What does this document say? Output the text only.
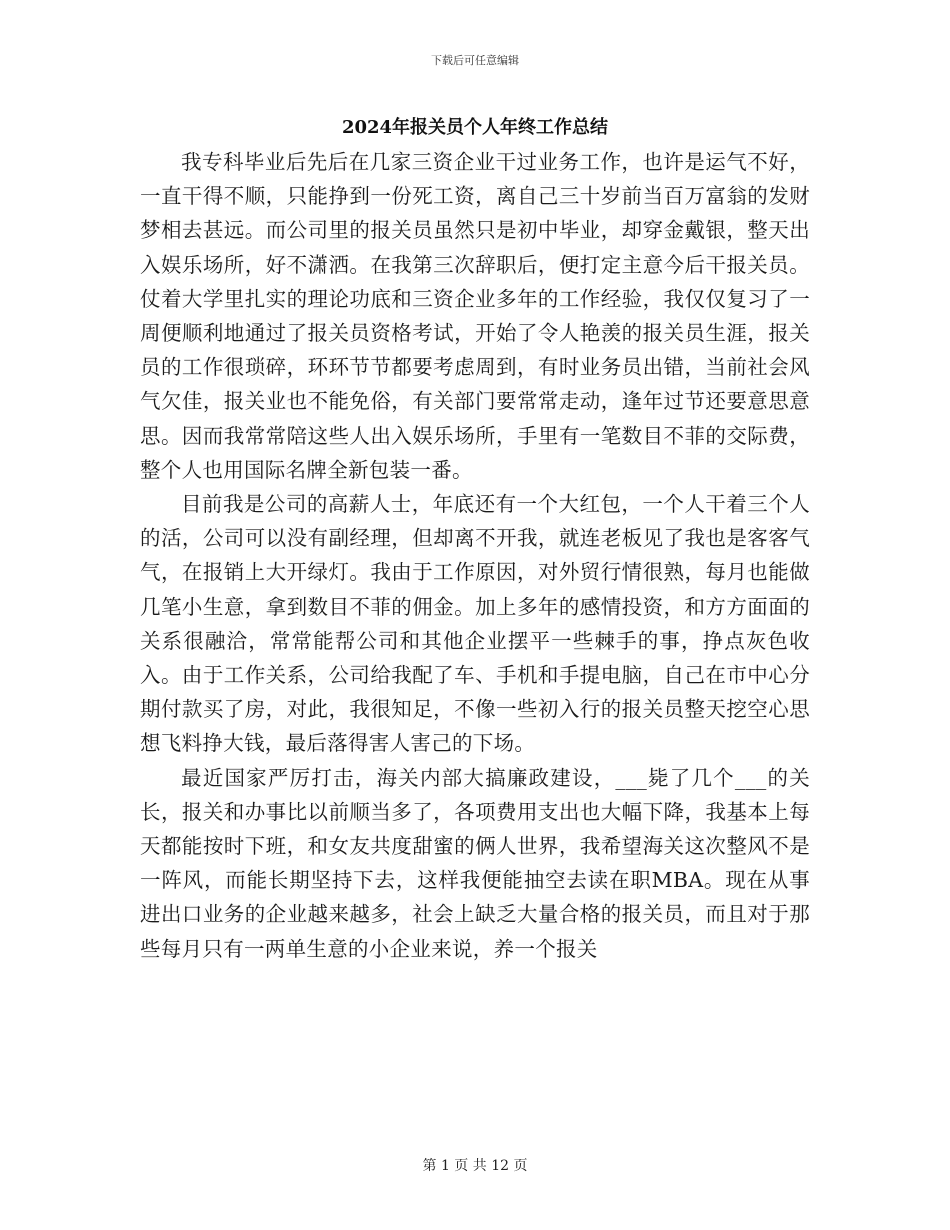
下载后可任意编辑
2024年报关员个人年终工作总结

我专科毕业后先后在几家三资企业干过业务工作，也许是运气不好，一直干得不顺，只能挣到一份死工资，离自己三十岁前当百万富翁的发财梦相去甚远。而公司里的报关员虽然只是初中毕业，却穿金戴银，整天出入娱乐场所，好不潇洒。在我第三次辞职后，便打定主意今后干报关员。仗着大学里扎实的理论功底和三资企业多年的工作经验，我仅仅复习了一周便顺利地通过了报关员资格考试，开始了令人艳羡的报关员生涯，报关员的工作很琐碎，环环节节都要考虑周到，有时业务员出错，当前社会风气欠佳，报关业也不能免俗，有关部门要常常走动，逢年过节还要意思意思。因而我常常陪这些人出入娱乐场所，手里有一笔数目不菲的交际费，整个人也用国际名牌全新包装一番。

目前我是公司的高薪人士，年底还有一个大红包，一个人干着三个人的活，公司可以没有副经理，但却离不开我，就连老板见了我也是客客气气，在报销上大开绿灯。我由于工作原因，对外贸行情很熟，每月也能做几笔小生意，拿到数目不菲的佣金。加上多年的感情投资，和方方面面的关系很融洽，常常能帮公司和其他企业摆平一些棘手的事，挣点灰色收入。由于工作关系，公司给我配了车、手机和手提电脑，自己在市中心分期付款买了房，对此，我很知足，不像一些初入行的报关员整天挖空心思想飞料挣大钱，最后落得害人害己的下场。

最近国家严厉打击，海关内部大搞廉政建设，___毙了几个___的关长，报关和办事比以前顺当多了，各项费用支出也大幅下降，我基本上每天都能按时下班，和女友共度甜蜜的俩人世界，我希望海关这次整风不是一阵风，而能长期坚持下去，这样我便能抽空去读在职MBA。现在从事进出口业务的企业越来越多，社会上缺乏大量合格的报关员，而且对于那些每月只有一两单生意的小企业来说，养一个报关

第 1 页 共 12 页
